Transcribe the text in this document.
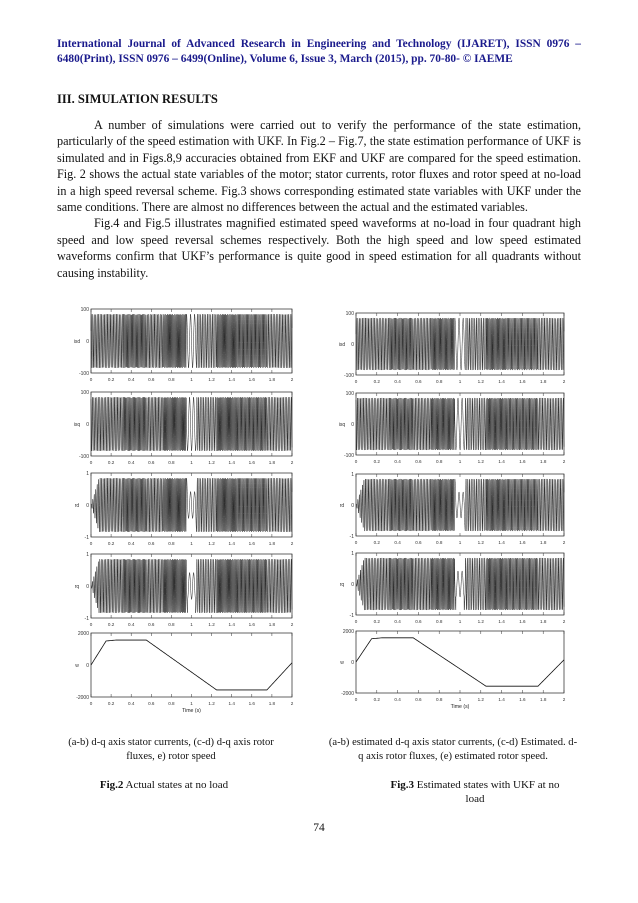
International Journal of Advanced Research in Engineering and Technology (IJARET), ISSN 0976 – 6480(Print), ISSN 0976 – 6499(Online), Volume 6, Issue 3, March (2015), pp. 70-80- © IAEME
III. SIMULATION RESULTS

A number of simulations were carried out to verify the performance of the state estimation, particularly of the speed estimation with UKF. In Fig.2 – Fig.7, the state estimation performance of UKF is simulated and in Figs.8,9 accuracies obtained from EKF and UKF are compared for the speed estimation. Fig. 2 shows the actual state variables of the motor; stator currents, rotor fluxes and rotor speed at no-load in a high speed reversal scheme. Fig.3 shows corresponding estimated state variables with UKF under the same conditions. There are almost no differences between the actual and the estimated variables.

Fig.4 and Fig.5 illustrates magnified estimated speed waveforms at no-load in four quadrant high speed and low speed reversal schemes respectively. Both the high speed and low speed estimated waveforms confirm that UKF’s performance is quite good in speed estimation for all quadrants without causing instability.

100
0
-100
isd
0	0.2	0.4	0.6	0.8	1	1.2	1.4	1.6	1.8	2
100
0
-100
isq
0	0.2	0.4	0.6	0.8	1	1.2	1.4	1.6	1.8	2
1
0
-1
rd
0	0.2	0.4	0.6	0.8	1	1.2	1.4	1.6	1.8	2
1
0
-1
rq
0	0.2	0.4	0.6	0.8	1	1.2	1.4	1.6	1.8	2
2000
0
-2000
w
0	0.2	0.4	0.6	0.8	1	1.2	1.4	1.6	1.8	2
Time (s)
100
0
-100
isd
0	0.2	0.4	0.6	0.8	1	1.2	1.4	1.6	1.8	2
100
0
-100
isq
0	0.2	0.4	0.6	0.8	1	1.2	1.4	1.6	1.8	2
1
0
-1
rd
0	0.2	0.4	0.6	0.8	1	1.2	1.4	1.6	1.8	2
1
0
-1
rq
0	0.2	0.4	0.6	0.8	1	1.2	1.4	1.6	1.8	2
2000
0
-2000
w
0	0.2	0.4	0.6	0.8	1	1.2	1.4	1.6	1.8	2
Time (s)
(a-b) d-q axis stator currents, (c-d) d-q axis rotor fluxes, e) rotor speed
(a-b) estimated d-q axis stator currents, (c-d) Estimated. d-q axis rotor fluxes, (e) estimated rotor speed.
Fig.2 Actual states at no load	Fig.3 Estimated states with UKF at no load
74
